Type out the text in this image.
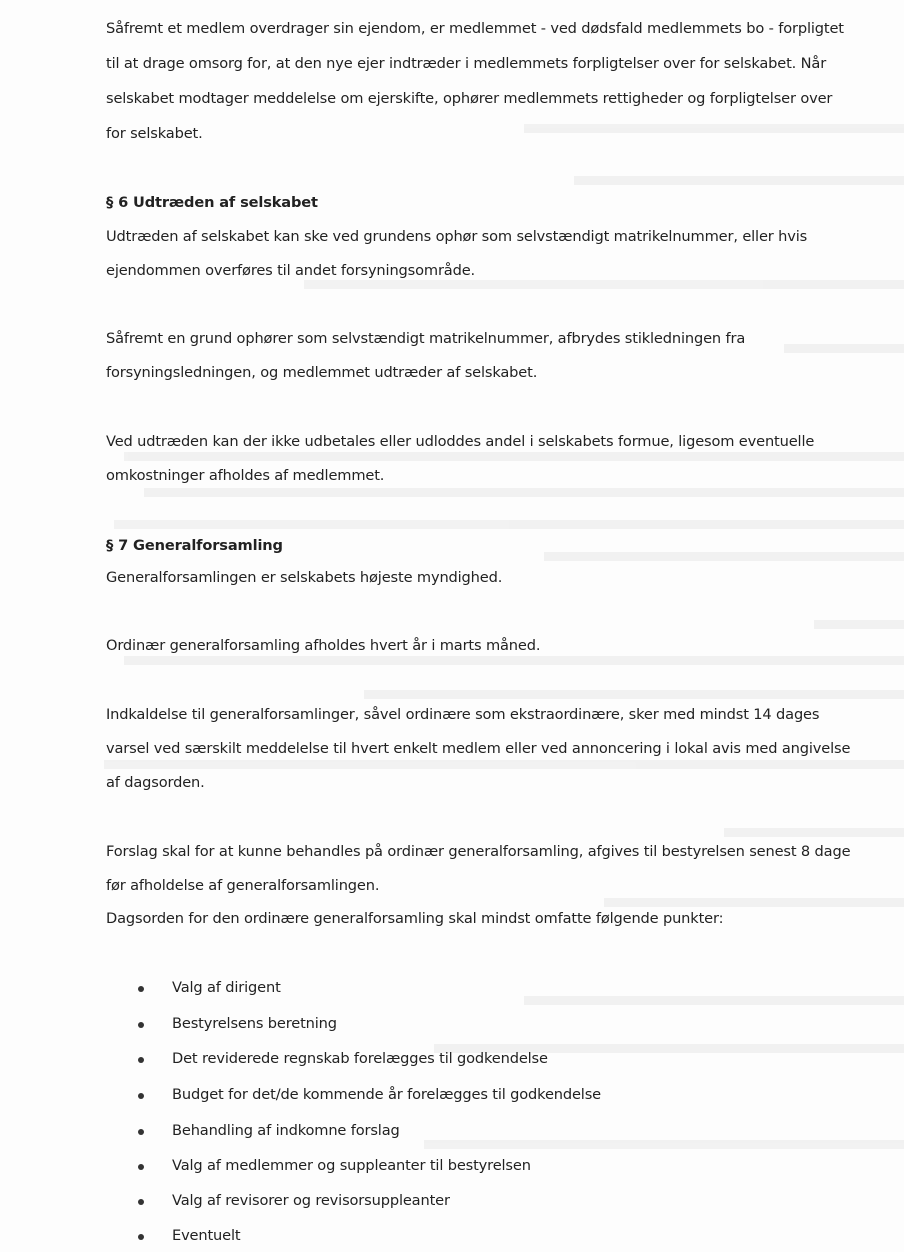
Såfremt et medlem overdrager sin ejendom, er medlemmet - ved dødsfald medlemmets bo - forpligtet
til at drage omsorg for, at den nye ejer indtræder i medlemmets forpligtelser over for selskabet. Når
selskabet modtager meddelelse om ejerskifte, ophører medlemmets rettigheder og forpligtelser over
for selskabet.
§ 6 Udtræden af selskabet
Udtræden af selskabet kan ske ved grundens ophør som selvstændigt matrikelnummer, eller hvis
ejendommen overføres til andet forsyningsområde.
Såfremt en grund ophører som selvstændigt matrikelnummer, afbrydes stikledningen fra
forsyningsledningen, og medlemmet udtræder af selskabet.
Ved udtræden kan der ikke udbetales eller udloddes andel i selskabets formue, ligesom eventuelle
omkostninger afholdes af medlemmet.
§ 7 Generalforsamling
Generalforsamlingen er selskabets højeste myndighed.
Ordinær generalforsamling afholdes hvert år i marts måned.
Indkaldelse til generalforsamlinger, såvel ordinære som ekstraordinære, sker med mindst 14 dages
varsel ved særskilt meddelelse til hvert enkelt medlem eller ved annoncering i lokal avis med angivelse
af dagsorden.
Forslag skal for at kunne behandles på ordinær generalforsamling, afgives til bestyrelsen senest 8 dage
før afholdelse af generalforsamlingen.
Dagsorden for den ordinære generalforsamling skal mindst omfatte følgende punkter:
Valg af dirigent
Bestyrelsens beretning
Det reviderede regnskab forelægges til godkendelse
Budget for det/de kommende år forelægges til godkendelse
Behandling af indkomne forslag
Valg af medlemmer og suppleanter til bestyrelsen
Valg af revisorer og revisorsuppleanter
Eventuelt
